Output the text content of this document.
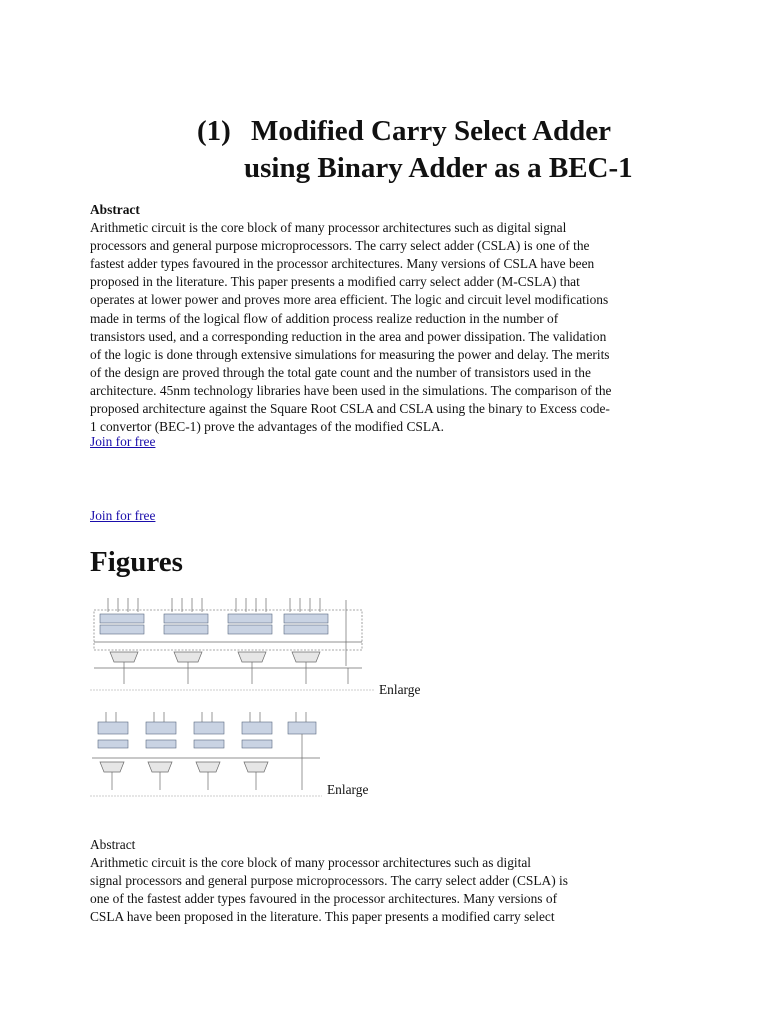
(1) Modified Carry Select Adder
using Binary Adder as a BEC-1
Abstract
Arithmetic circuit is the core block of many processor architectures such as digital signal
processors and general purpose microprocessors. The carry select adder (CSLA) is one of the
fastest adder types favoured in the processor architectures. Many versions of CSLA have been
proposed in the literature. This paper presents a modified carry select adder (M-CSLA) that
operates at lower power and proves more area efficient. The logic and circuit level modifications
made in terms of the logical flow of addition process realize reduction in the number of
transistors used, and a corresponding reduction in the area and power dissipation. The validation
of the logic is done through extensive simulations for measuring the power and delay. The merits
of the design are proved through the total gate count and the number of transistors used in the
architecture. 45nm technology libraries have been used in the simulations. The comparison of the
proposed architecture against the Square Root CSLA and CSLA using the binary to Excess code-
1 convertor (BEC-1) prove the advantages of the modified CSLA.
Join for free
Join for free
Figures
Enlarge
Enlarge
Abstract
Arithmetic circuit is the core block of many processor architectures such as digital
signal processors and general purpose microprocessors. The carry select adder (CSLA) is
one of the fastest adder types favoured in the processor architectures. Many versions of
CSLA have been proposed in the literature. This paper presents a modified carry select
